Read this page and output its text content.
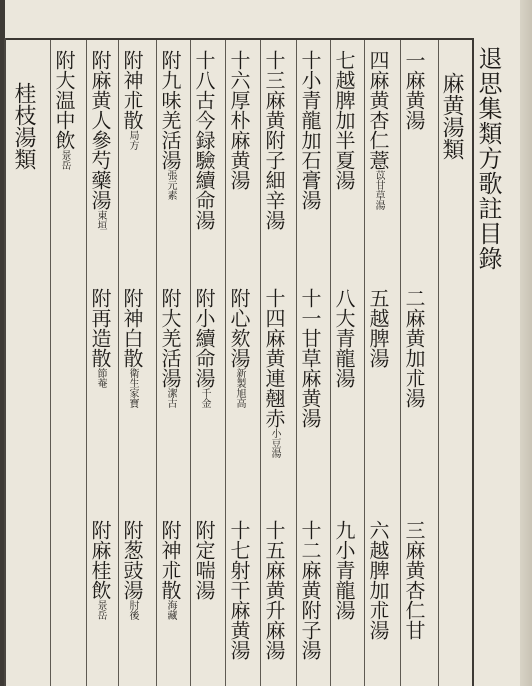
退思集類方歌註目錄
麻黄湯類
桂枝湯類
一麻黄湯
二麻黄加朮湯
三麻黄杏仁甘
四麻黄杏仁薏苡甘草湯
五越脾湯
六越脾加朮湯
七越脾加半夏湯
八大青龍湯
九小青龍湯
十小青龍加石膏湯
十一甘草麻黄湯
十二麻黄附子湯
十三麻黄附子細辛湯
十四麻黄連翹赤小豆湯
十五麻黄升麻湯
十六厚朴麻黄湯
附心欬湯新製旭高
十七射干麻黄湯
十八古今録驗續命湯
附小續命湯千金
附定喘湯
附九味羌活湯張元素
附大羌活湯潔古
附神朮散海藏
附神朮散局方
附神白散衛生家寶
附葱豉湯肘後
附麻黄人參芍藥湯東垣
附再造散節菴
附麻桂飲景岳
附大温中飲景岳
